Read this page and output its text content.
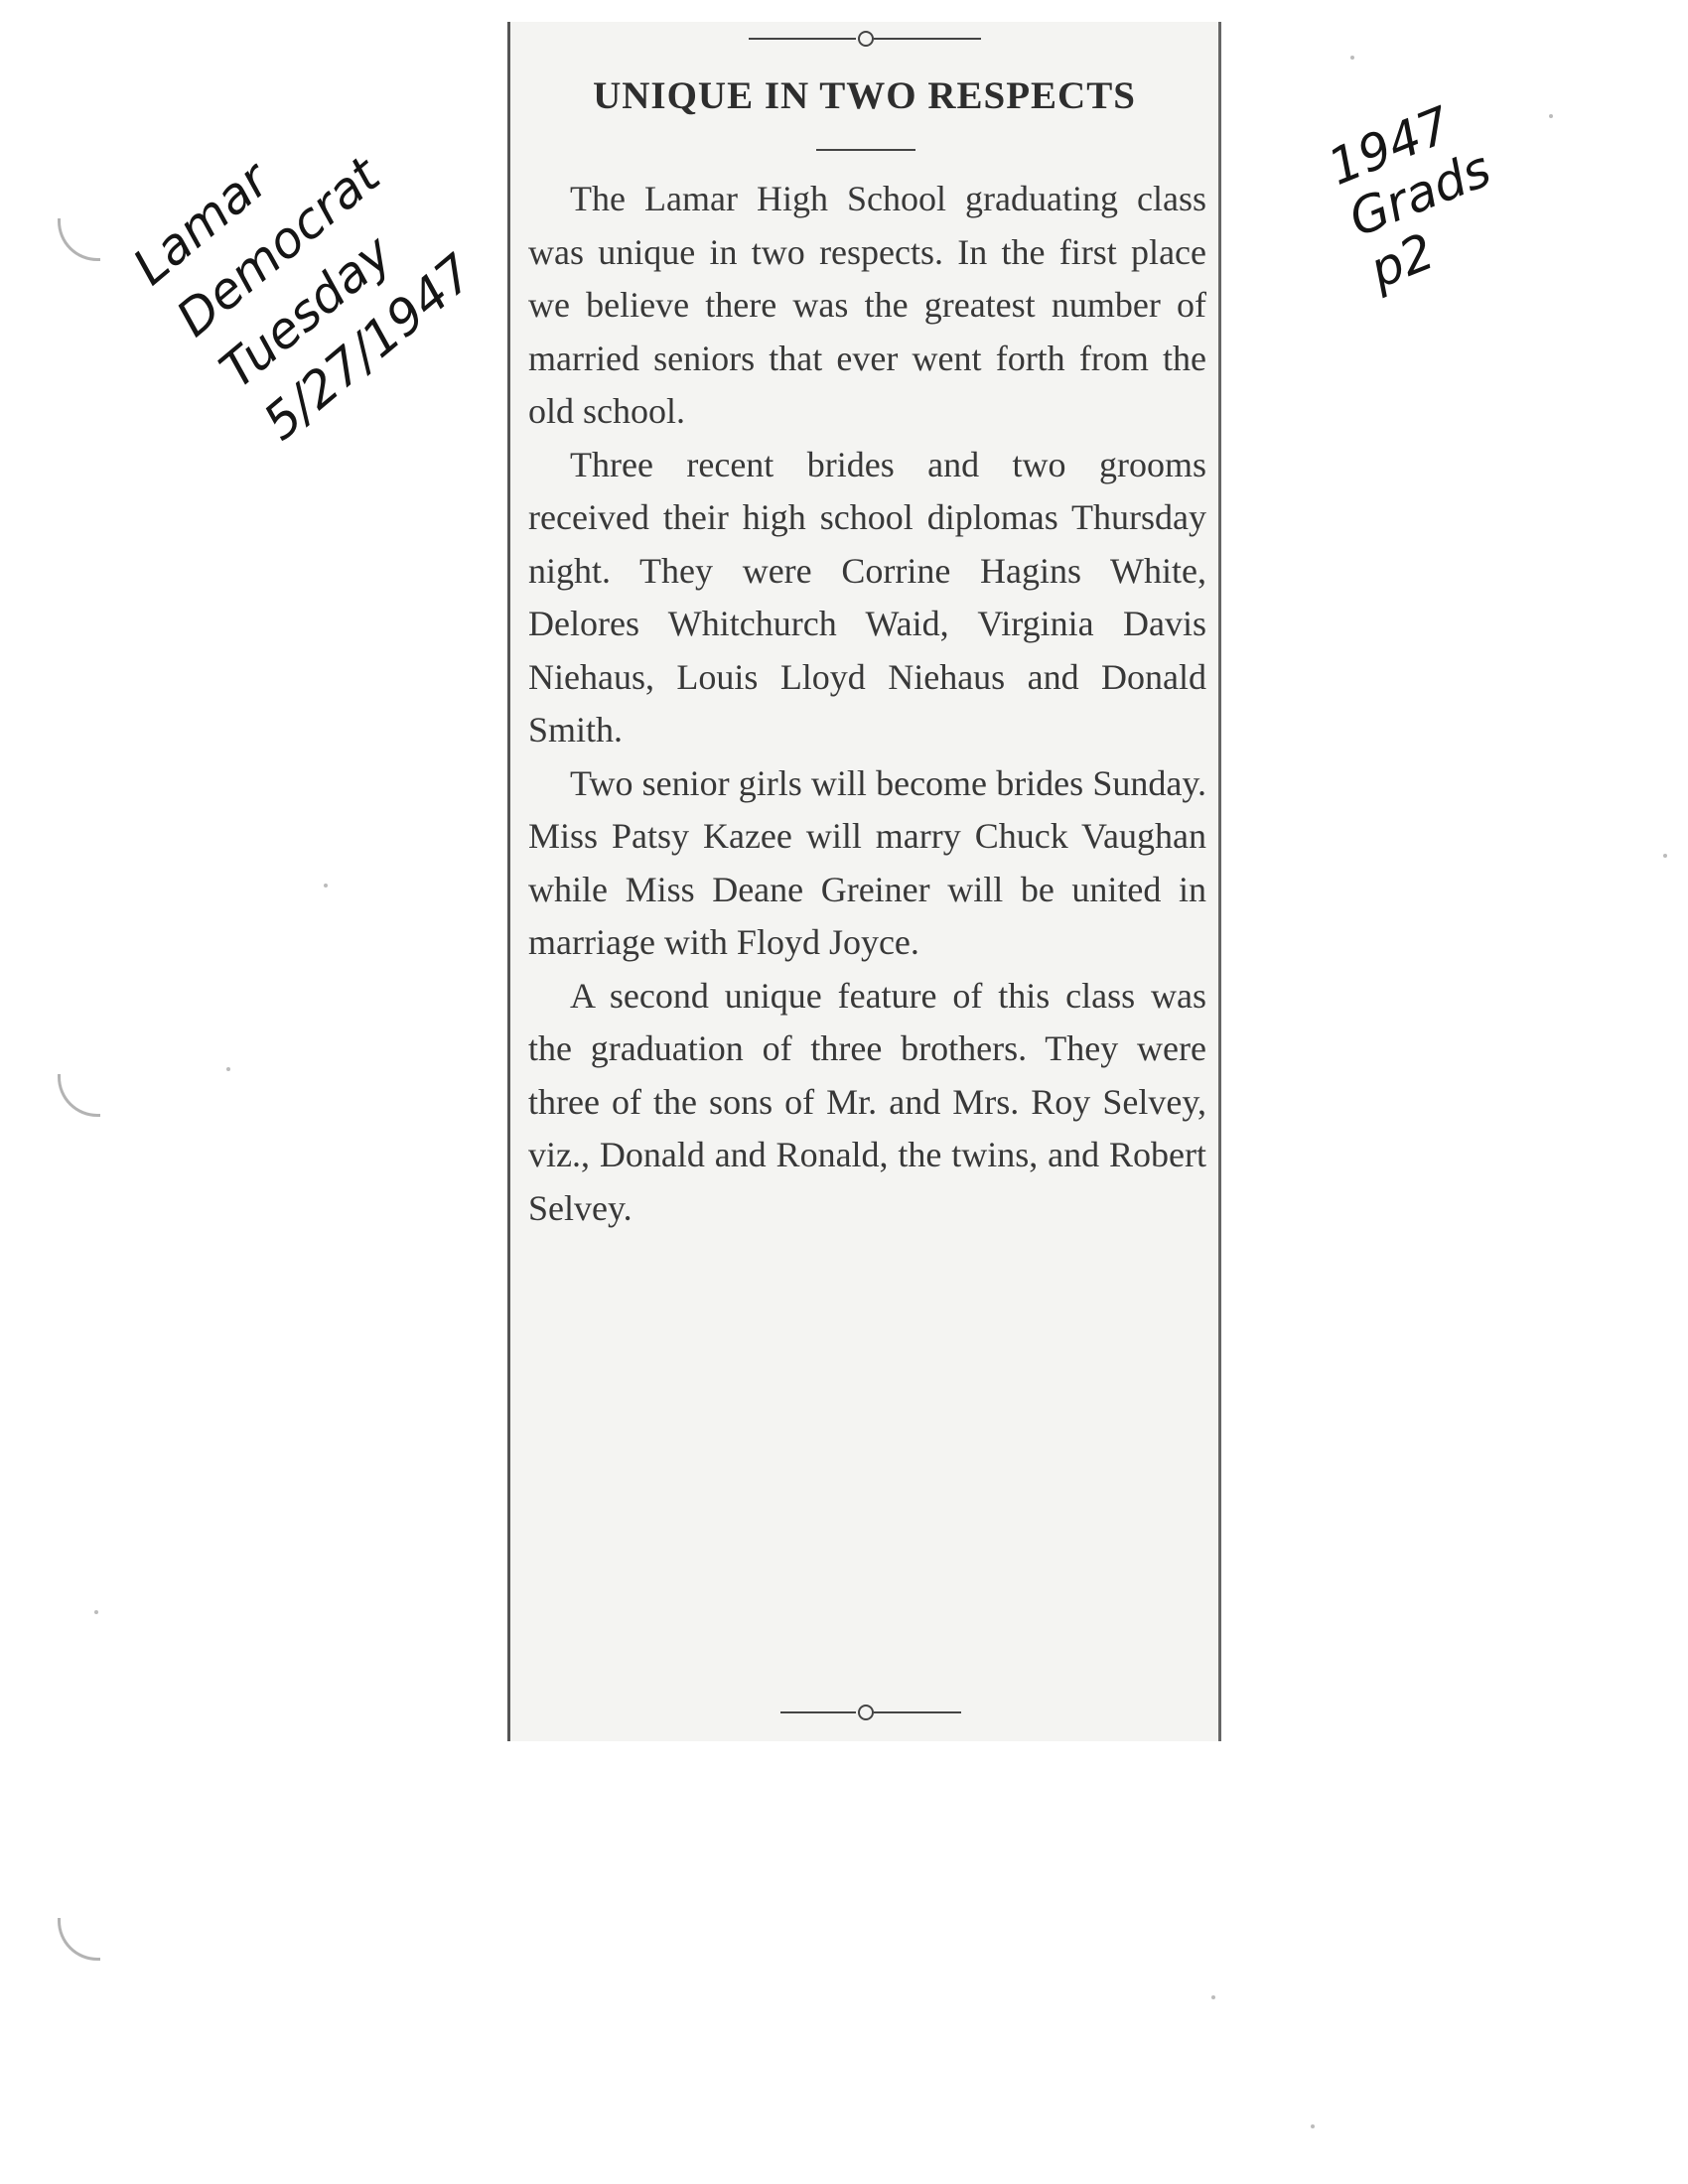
UNIQUE IN TWO RESPECTS

The Lamar High School graduating class was unique in two respects. In the first place we believe there was the greatest number of married seniors that ever went forth from the old school.

Three recent brides and two grooms received their high school diplomas Thursday night. They were Corrine Hagins White, Delores Whitchurch Waid, Virginia Davis Niehaus, Louis Lloyd Niehaus and Donald Smith.

Two senior girls will become brides Sunday. Miss Patsy Kazee will marry Chuck Vaughan while Miss Deane Greiner will be united in marriage with Floyd Joyce.

A second unique feature of this class was the graduation of three brothers. They were three of the sons of Mr. and Mrs. Roy Selvey, viz., Donald and Ronald, the twins, and Robert Selvey.

Lamar
Democrat
Tuesday
5/27/1947
1947
Grads
p2
